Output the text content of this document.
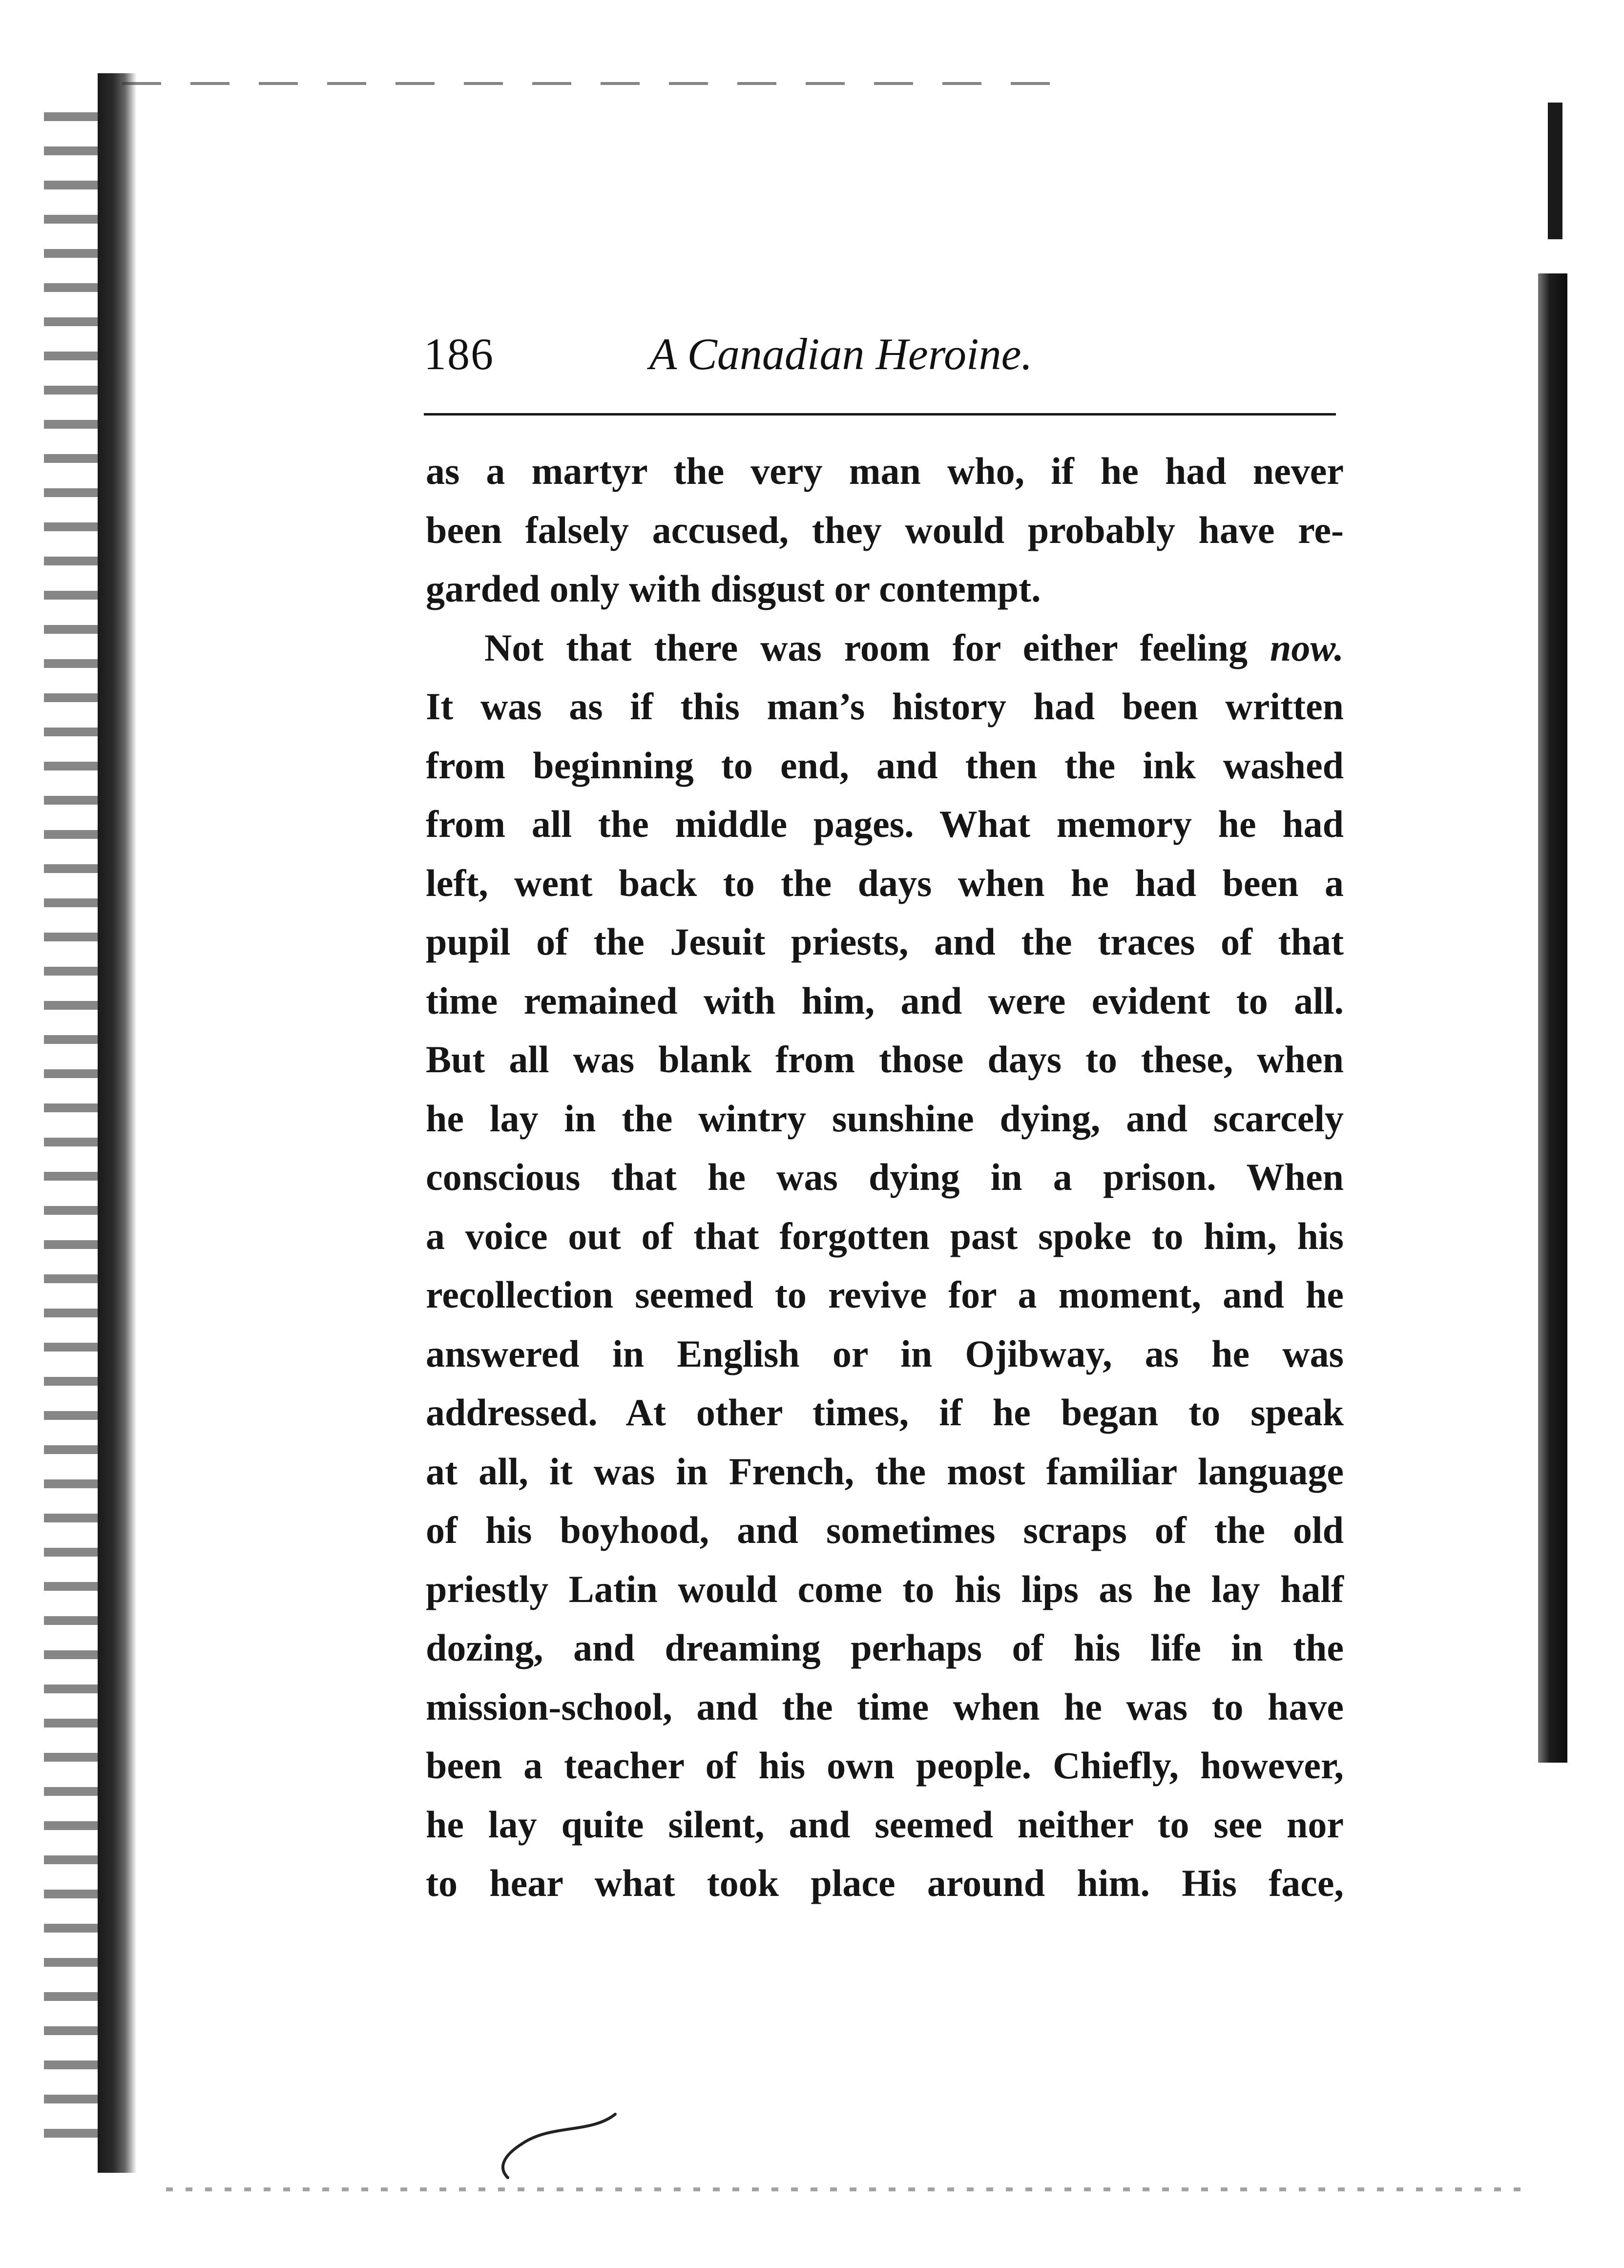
186	A Canadian Heroine.
as a martyr the very man who, if he had never
been falsely accused, they would probably have re-
garded only with disgust or contempt.
Not that there was room for either feeling now.
It was as if this man’s history had been written
from beginning to end, and then the ink washed
from all the middle pages. What memory he had
left, went back to the days when he had been a
pupil of the Jesuit priests, and the traces of that
time remained with him, and were evident to all.
But all was blank from those days to these, when
he lay in the wintry sunshine dying, and scarcely
conscious that he was dying in a prison. When
a voice out of that forgotten past spoke to him, his
recollection seemed to revive for a moment, and he
answered in English or in Ojibway, as he was
addressed. At other times, if he began to speak
at all, it was in French, the most familiar language
of his boyhood, and sometimes scraps of the old
priestly Latin would come to his lips as he lay half
dozing, and dreaming perhaps of his life in the
mission-school, and the time when he was to have
been a teacher of his own people. Chiefly, however,
he lay quite silent, and seemed neither to see nor
to hear what took place around him. His face,
